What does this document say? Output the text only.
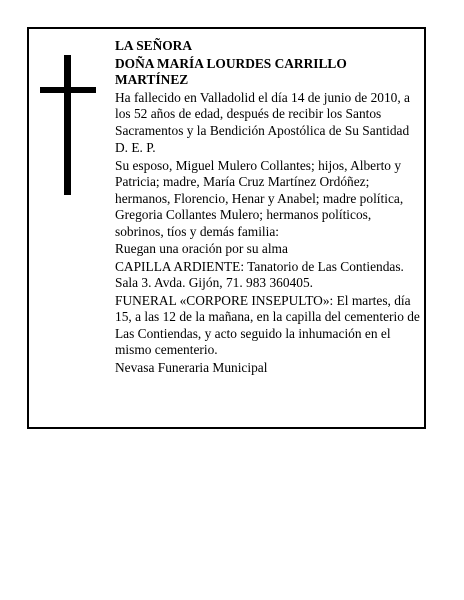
LA SEÑORA

DOÑA MARÍA LOURDES CARRILLO MARTÍNEZ

Ha fallecido en Valladolid el día 14 de junio de 2010, a los 52 años de edad, después de recibir los Santos Sacramentos y la Bendición Apostólica de Su Santidad

D. E. P.

Su esposo, Miguel Mulero Collantes; hijos, Alberto y Patricia; madre, María Cruz Martínez Ordóñez; hermanos, Florencio, Henar y Anabel; madre política, Gregoria Collantes Mulero; hermanos políticos, sobrinos, tíos y demás familia:

Ruegan una oración por su alma

CAPILLA ARDIENTE: Tanatorio de Las Contiendas. Sala 3. Avda. Gijón, 71. 983 360405.

FUNERAL «CORPORE INSEPULTO»: El martes, día 15, a las 12 de la mañana, en la capilla del cementerio de Las Contiendas, y acto seguido la inhumación en el mismo cementerio.

Nevasa Funeraria Municipal
